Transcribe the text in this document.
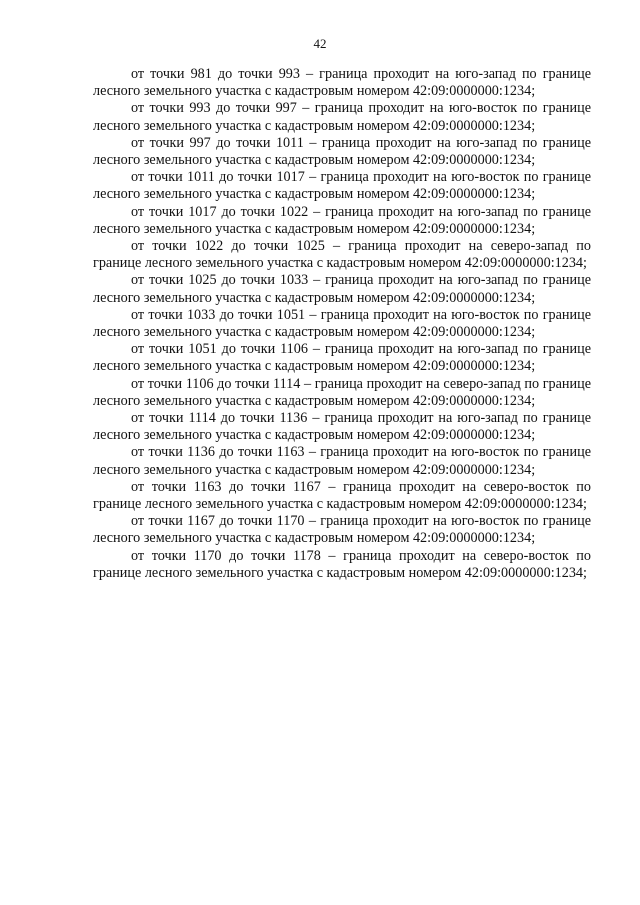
42

от точки 981 до точки 993 – граница проходит на юго-запад по границе лесного земельного участка с кадастровым номером 42:09:0000000:1234;

от точки 993 до точки 997 – граница проходит на юго-восток по границе лесного земельного участка с кадастровым номером 42:09:0000000:1234;

от точки 997 до точки 1011 – граница проходит на юго-запад по границе лесного земельного участка с кадастровым номером 42:09:0000000:1234;

от точки 1011 до точки 1017 – граница проходит на юго-восток по границе лесного земельного участка с кадастровым номером 42:09:0000000:1234;

от точки 1017 до точки 1022 – граница проходит на юго-запад по границе лесного земельного участка с кадастровым номером 42:09:0000000:1234;

от точки 1022 до точки 1025 – граница проходит на северо-запад по границе лесного земельного участка с кадастровым номером 42:09:0000000:1234;

от точки 1025 до точки 1033 – граница проходит на юго-запад по границе лесного земельного участка с кадастровым номером 42:09:0000000:1234;

от точки 1033 до точки 1051 – граница проходит на юго-восток по границе лесного земельного участка с кадастровым номером 42:09:0000000:1234;

от точки 1051 до точки 1106 – граница проходит на юго-запад по границе лесного земельного участка с кадастровым номером 42:09:0000000:1234;

от точки 1106 до точки 1114 – граница проходит на северо-запад по границе лесного земельного участка с кадастровым номером 42:09:0000000:1234;

от точки 1114 до точки 1136 – граница проходит на юго-запад по границе лесного земельного участка с кадастровым номером 42:09:0000000:1234;

от точки 1136 до точки 1163 – граница проходит на юго-восток по границе лесного земельного участка с кадастровым номером 42:09:0000000:1234;

от точки 1163 до точки 1167 – граница проходит на северо-восток по границе лесного земельного участка с кадастровым номером 42:09:0000000:1234;

от точки 1167 до точки 1170 – граница проходит на юго-восток по границе лесного земельного участка с кадастровым номером 42:09:0000000:1234;

от точки 1170 до точки 1178 – граница проходит на северо-восток по границе лесного земельного участка с кадастровым номером 42:09:0000000:1234;
